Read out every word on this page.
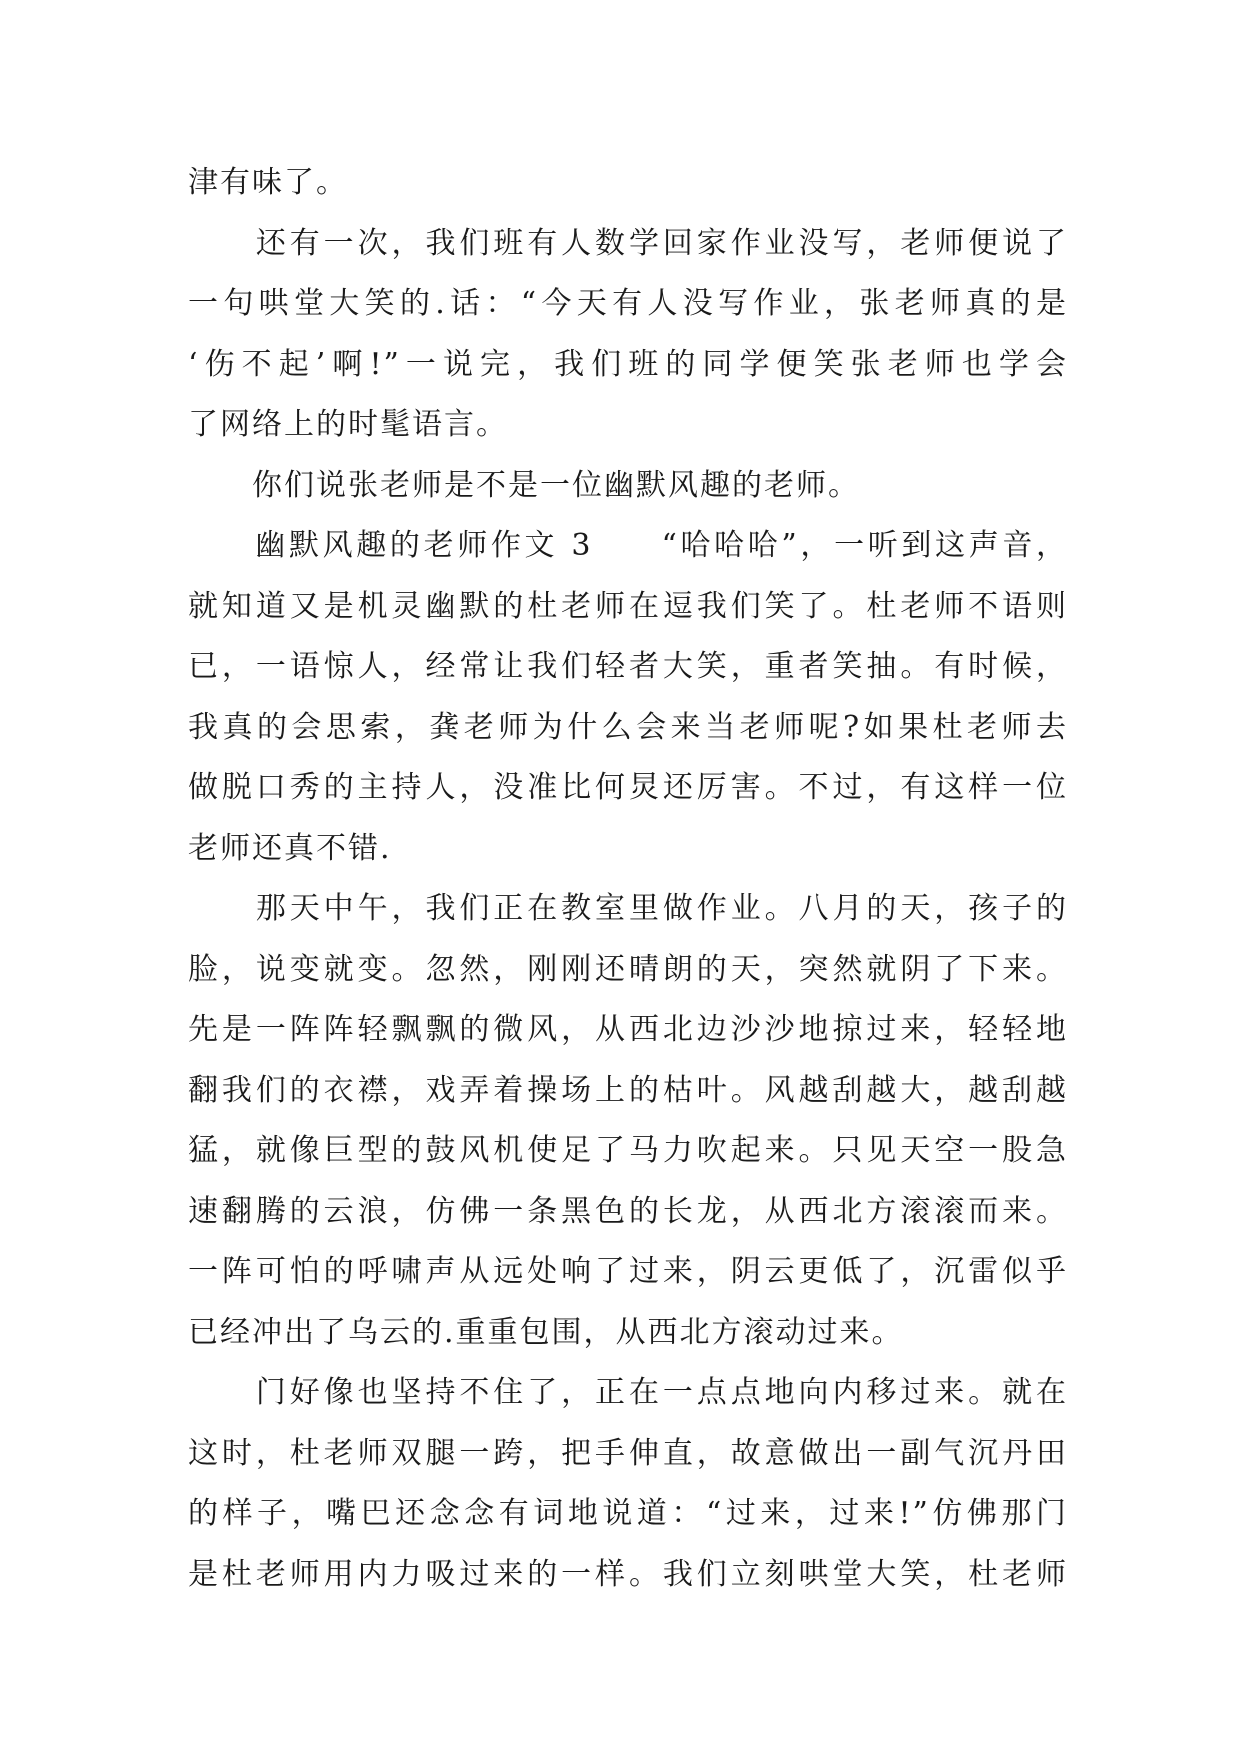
津有味了。
　　还有一次，我们班有人数学回家作业没写，老师便说了
一句哄堂大笑的.话：“今天有人没写作业，张老师真的是
‘伤不起’啊!”一说完，我们班的同学便笑张老师也学会
了网络上的时髦语言。
　　你们说张老师是不是一位幽默风趣的老师。
　　幽默风趣的老师作文 3　　“哈哈哈”，一听到这声音，
就知道又是机灵幽默的杜老师在逗我们笑了。杜老师不语则
已，一语惊人，经常让我们轻者大笑，重者笑抽。有时候，
我真的会思索，龚老师为什么会来当老师呢?如果杜老师去
做脱口秀的主持人，没准比何炅还厉害。不过，有这样一位
老师还真不错.
　　那天中午，我们正在教室里做作业。八月的天，孩子的
脸，说变就变。忽然，刚刚还晴朗的天，突然就阴了下来。
先是一阵阵轻飘飘的微风，从西北边沙沙地掠过来，轻轻地
翻我们的衣襟，戏弄着操场上的枯叶。风越刮越大，越刮越
猛，就像巨型的鼓风机使足了马力吹起来。只见天空一股急
速翻腾的云浪，仿佛一条黑色的长龙，从西北方滚滚而来。
一阵可怕的呼啸声从远处响了过来，阴云更低了，沉雷似乎
已经冲出了乌云的.重重包围，从西北方滚动过来。
　　门好像也坚持不住了，正在一点点地向内移过来。就在
这时，杜老师双腿一跨，把手伸直，故意做出一副气沉丹田
的样子，嘴巴还念念有词地说道：“过来，过来!”仿佛那门
是杜老师用内力吸过来的一样。我们立刻哄堂大笑，杜老师
